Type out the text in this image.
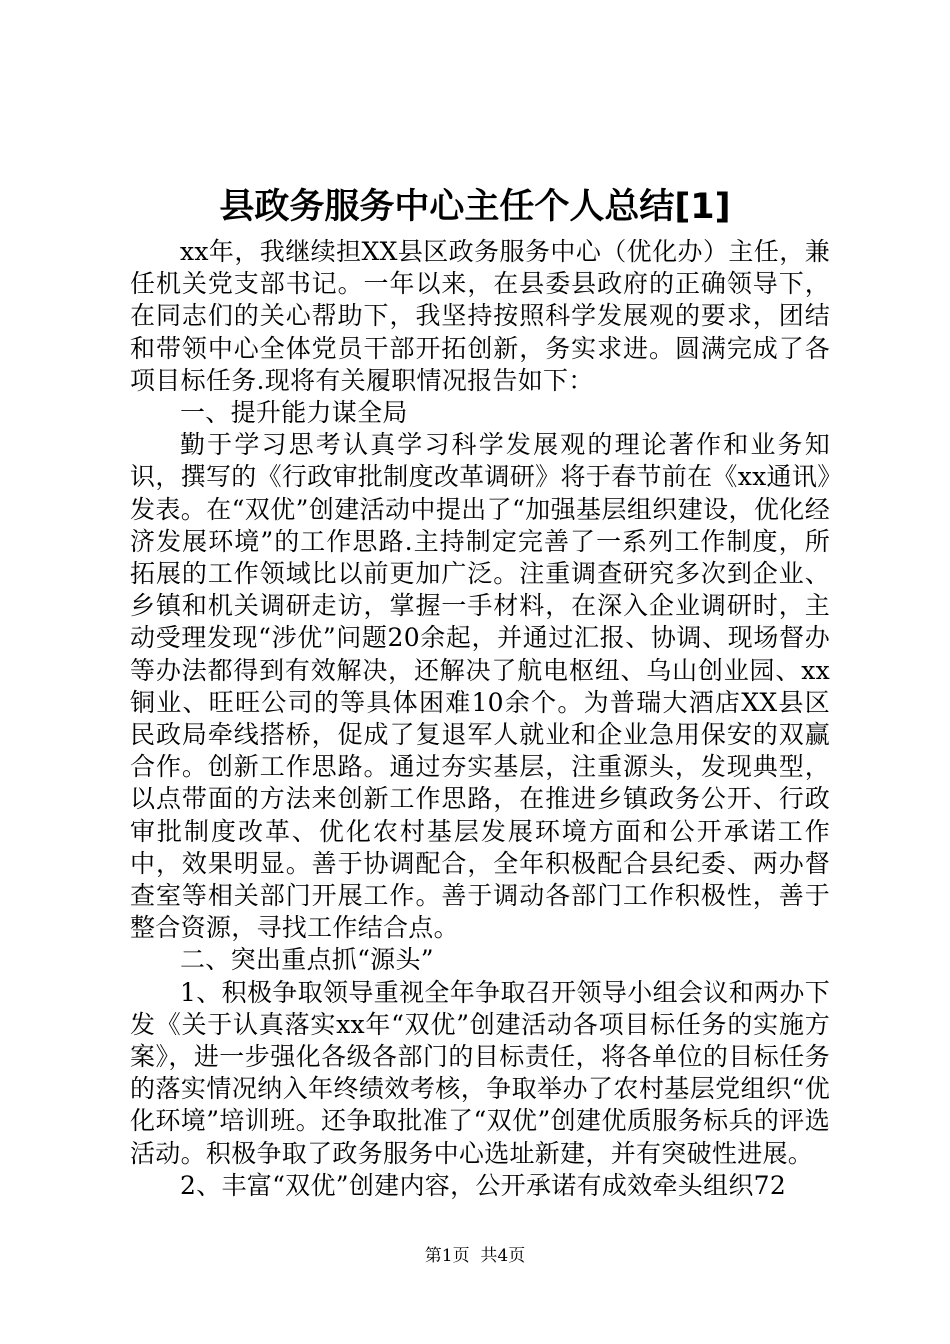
县政务服务中心主任个人总结[1]

xx年，我继续担XX县区政务服务中心（优化办）主任，兼任机关党支部书记。一年以来，在县委县政府的正确领导下，在同志们的关心帮助下，我坚持按照科学发展观的要求，团结和带领中心全体党员干部开拓创新，务实求进。圆满完成了各项目标任务.现将有关履职情况报告如下：

一、提升能力谋全局

勤于学习思考认真学习科学发展观的理论著作和业务知识，撰写的《行政审批制度改革调研》将于春节前在《xx通讯》发表。在“双优”创建活动中提出了“加强基层组织建设，优化经济发展环境”的工作思路.主持制定完善了一系列工作制度，所拓展的工作领域比以前更加广泛。注重调查研究多次到企业、乡镇和机关调研走访，掌握一手材料，在深入企业调研时，主动受理发现“涉优”问题20余起，并通过汇报、协调、现场督办等办法都得到有效解决，还解决了航电枢纽、乌山创业园、xx铜业、旺旺公司的等具体困难10余个。为普瑞大酒店XX县区民政局牵线搭桥，促成了复退军人就业和企业急用保安的双赢合作。创新工作思路。通过夯实基层，注重源头，发现典型，以点带面的方法来创新工作思路，在推进乡镇政务公开、行政审批制度改革、优化农村基层发展环境方面和公开承诺工作中，效果明显。善于协调配合，全年积极配合县纪委、两办督查室等相关部门开展工作。善于调动各部门工作积极性，善于整合资源，寻找工作结合点。

二、突出重点抓“源头”

1、积极争取领导重视全年争取召开领导小组会议和两办下发《关于认真落实xx年“双优”创建活动各项目标任务的实施方案》，进一步强化各级各部门的目标责任，将各单位的目标任务的落实情况纳入年终绩效考核，争取举办了农村基层党组织“优化环境”培训班。还争取批准了“双优”创建优质服务标兵的评选活动。积极争取了政务服务中心选址新建，并有突破性进展。

2、丰富“双优”创建内容，公开承诺有成效牵头组织72

第1页 共4页
